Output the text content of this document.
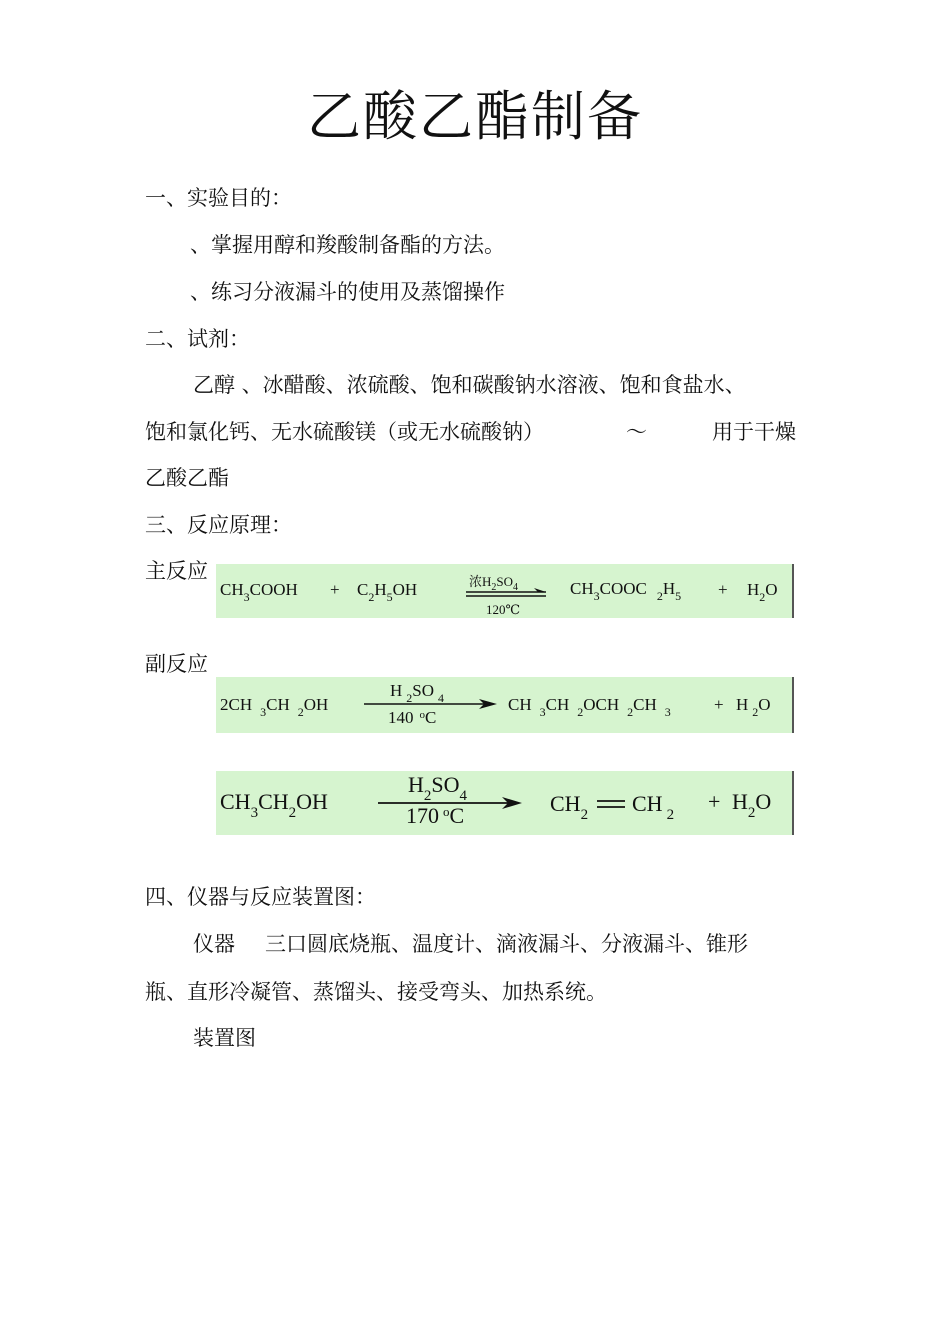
乙酸乙酯制备
一、实验目的：
、掌握用醇和羧酸制备酯的方法。
、练习分液漏斗的使用及蒸馏操作
二、试剂：
乙醇 、冰醋酸、浓硫酸、饱和碳酸钠水溶液、饱和食盐水、
饱和氯化钙、无水硫酸镁（或无水硫酸钠）	～	用于干燥
乙酸乙酯
三、反应原理：
主反应
$CH_3COOH + C_2H_5OH$	浓$H_2SO_4$
120℃
$CH_3COOC$ $_2H_5 + H_2O$
副反应
2CH $_3$CH $_2$OH
H $_2$SO $_4$
140 $^o$C
CH $_3$CH $_2$OCH $_2$CH $_3$	+ H $_2$O
$CH_3CH_2OH$
$H_2SO_4$
170 $^o$C	$CH_2$ CH $_2$
+ $H_2O$
四、仪器与反应装置图：
仪器 三口圆底烧瓶、温度计、滴液漏斗、分液漏斗、锥形
瓶、直形冷凝管、蒸馏头、接受弯头、加热系统。
装置图
